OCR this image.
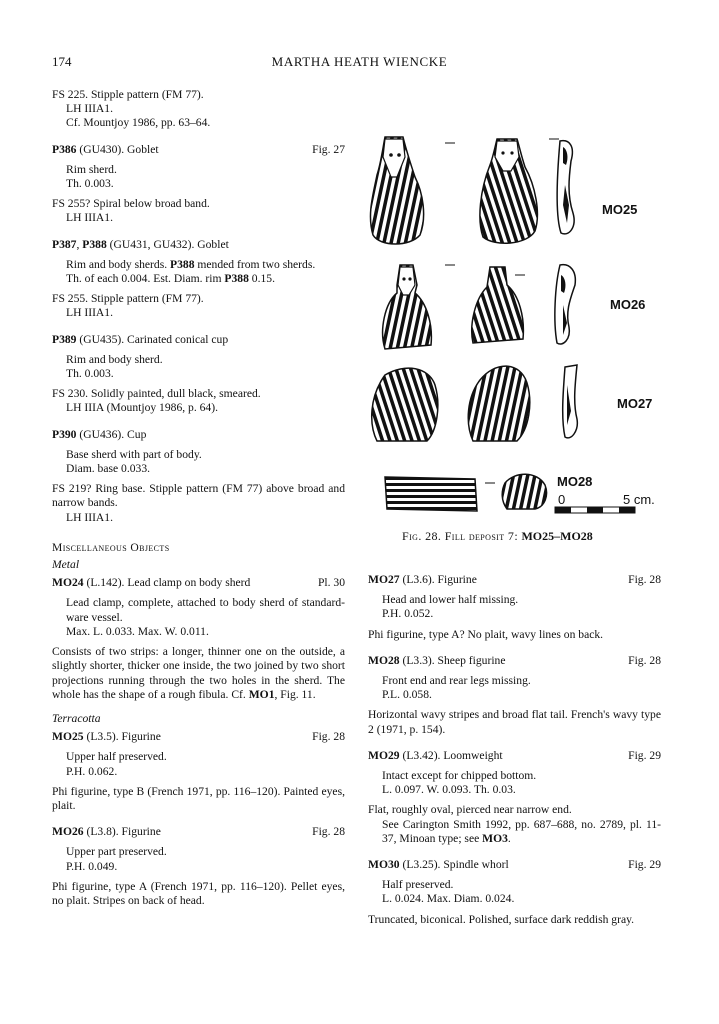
174	MARTHA HEATH WIENCKE

FS 225. Stipple pattern (FM 77).

LH IIIA1.

Cf. Mountjoy 1986, pp. 63–64.

P386 (GU430). Goblet	Fig. 27

Rim sherd.

Th. 0.003.

FS 255? Spiral below broad band.

LH IIIA1.

P387, P388 (GU431, GU432). Goblet

Rim and body sherds. P388 mended from two sherds.

Th. of each 0.004. Est. Diam. rim P388 0.15.

FS 255. Stipple pattern (FM 77).

LH IIIA1.

P389 (GU435). Carinated conical cup

Rim and body sherd.

Th. 0.003.

FS 230. Solidly painted, dull black, smeared.

LH IIIA (Mountjoy 1986, p. 64).

P390 (GU436). Cup

Base sherd with part of body.

Diam. base 0.033.

FS 219? Ring base. Stipple pattern (FM 77) above broad and narrow bands.

LH IIIA1.

Miscellaneous Objects

Metal

MO24 (L.142). Lead clamp on body sherd	Pl. 30

Lead clamp, complete, attached to body sherd of standard-ware vessel.

Max. L. 0.033. Max. W. 0.011.

Consists of two strips: a longer, thinner one on the outside, a slightly shorter, thicker one inside, the two joined by two short projections running through the two holes in the sherd. The whole has the shape of a rough fibula. Cf. MO1, Fig. 11.

Terracotta

MO25 (L3.5). Figurine	Fig. 28

Upper half preserved.

P.H. 0.062.

Phi figurine, type B (French 1971, pp. 116–120). Painted eyes, plait.

MO26 (L3.8). Figurine	Fig. 28

Upper part preserved.

P.H. 0.049.

Phi figurine, type A (French 1971, pp. 116–120). Pellet eyes, no plait. Stripes on back of head.

MO25
MO26
MO27
MO28
0	5 cm.
Fig. 28. Fill deposit 7: MO25–MO28

MO27 (L3.6). Figurine	Fig. 28

Head and lower half missing.

P.H. 0.052.

Phi figurine, type A? No plait, wavy lines on back.

MO28 (L3.3). Sheep figurine	Fig. 28

Front end and rear legs missing.

P.L. 0.058.

Horizontal wavy stripes and broad flat tail. French's wavy type 2 (1971, p. 154).

MO29 (L3.42). Loomweight	Fig. 29

Intact except for chipped bottom.

L. 0.097. W. 0.093. Th. 0.03.

Flat, roughly oval, pierced near narrow end.

See Carington Smith 1992, pp. 687–688, no. 2789, pl. 11-37, Minoan type; see MO3.

MO30 (L3.25). Spindle whorl	Fig. 29

Half preserved.

L. 0.024. Max. Diam. 0.024.

Truncated, biconical. Polished, surface dark reddish gray.
